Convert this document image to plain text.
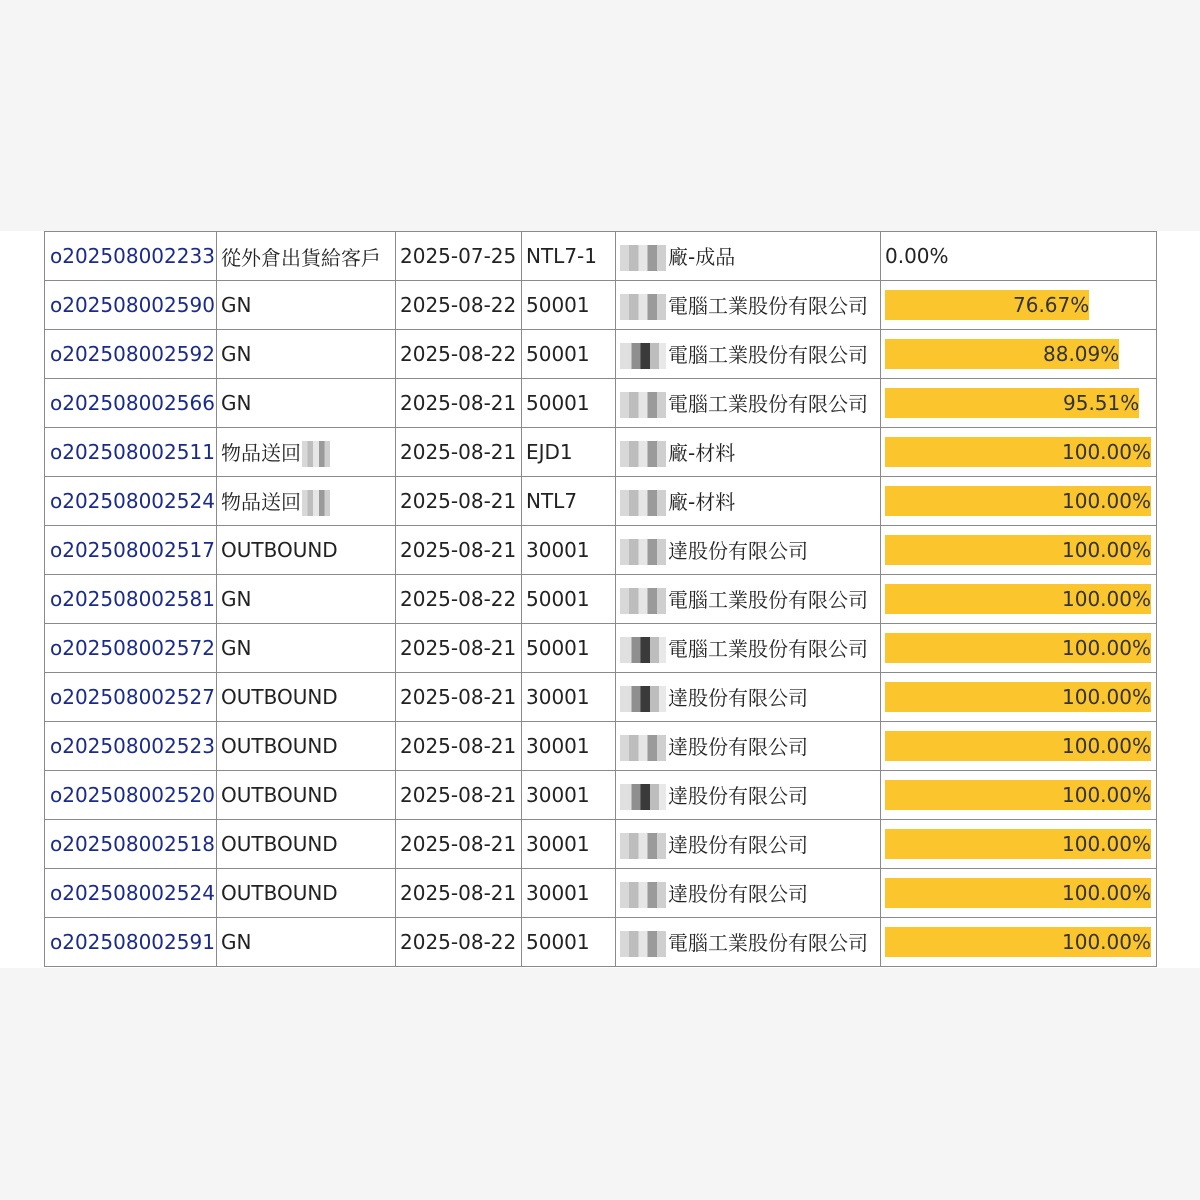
o202508002233	從外倉出貨給客戶	2025-07-25	NTL7-1	廠-成品	0.00%
o202508002590	GN	2025-08-22	50001	電腦工業股份有限公司	76.67%

o202508002592	GN	2025-08-22	50001	電腦工業股份有限公司	88.09%

o202508002566	GN	2025-08-21	50001	電腦工業股份有限公司	95.51%

o202508002511	物品送回	2025-08-21	EJD1	廠-材料	100.00%

o202508002524	物品送回	2025-08-21	NTL7	廠-材料	100.00%

o202508002517	OUTBOUND	2025-08-21	30001	達股份有限公司	100.00%

o202508002581	GN	2025-08-22	50001	電腦工業股份有限公司	100.00%

o202508002572	GN	2025-08-21	50001	電腦工業股份有限公司	100.00%

o202508002527	OUTBOUND	2025-08-21	30001	達股份有限公司	100.00%

o202508002523	OUTBOUND	2025-08-21	30001	達股份有限公司	100.00%

o202508002520	OUTBOUND	2025-08-21	30001	達股份有限公司	100.00%

o202508002518	OUTBOUND	2025-08-21	30001	達股份有限公司	100.00%

o202508002524	OUTBOUND	2025-08-21	30001	達股份有限公司	100.00%

o202508002591	GN	2025-08-22	50001	電腦工業股份有限公司	100.00%
